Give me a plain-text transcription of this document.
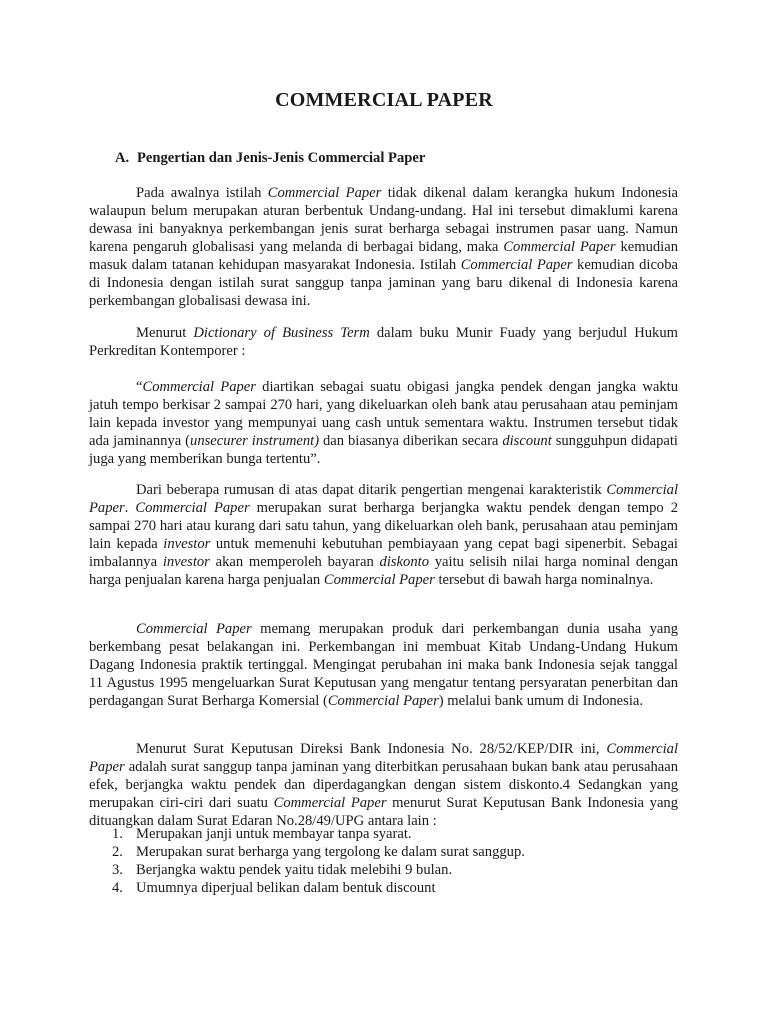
COMMERCIAL PAPER
A. Pengertian dan Jenis-Jenis Commercial Paper

Pada awalnya istilah Commercial Paper tidak dikenal dalam kerangka hukum Indonesia walaupun belum merupakan aturan berbentuk Undang-undang. Hal ini tersebut dimaklumi karena dewasa ini banyaknya perkembangan jenis surat berharga sebagai instrumen pasar uang. Namun karena pengaruh globalisasi yang melanda di berbagai bidang, maka Commercial Paper kemudian masuk dalam tatanan kehidupan masyarakat Indonesia. Istilah Commercial Paper kemudian dicoba di Indonesia dengan istilah surat sanggup tanpa jaminan yang baru dikenal di Indonesia karena perkembangan globalisasi dewasa ini.

Menurut Dictionary of Business Term dalam buku Munir Fuady yang berjudul Hukum Perkreditan Kontemporer :

“Commercial Paper diartikan sebagai suatu obigasi jangka pendek dengan jangka waktu jatuh tempo berkisar 2 sampai 270 hari, yang dikeluarkan oleh bank atau perusahaan atau peminjam lain kepada investor yang mempunyai uang cash untuk sementara waktu. Instrumen tersebut tidak ada jaminannya (unsecurer instrument) dan biasanya diberikan secara discount sungguhpun didapati juga yang memberikan bunga tertentu”.

Dari beberapa rumusan di atas dapat ditarik pengertian mengenai karakteristik Commercial Paper. Commercial Paper merupakan surat berharga berjangka waktu pendek dengan tempo 2 sampai 270 hari atau kurang dari satu tahun, yang dikeluarkan oleh bank, perusahaan atau peminjam lain kepada investor untuk memenuhi kebutuhan pembiayaan yang cepat bagi sipenerbit. Sebagai imbalannya investor akan memperoleh bayaran diskonto yaitu selisih nilai harga nominal dengan harga penjualan karena harga penjualan Commercial Paper tersebut di bawah harga nominalnya.

Commercial Paper memang merupakan produk dari perkembangan dunia usaha yang berkembang pesat belakangan ini. Perkembangan ini membuat Kitab Undang-Undang Hukum Dagang Indonesia praktik tertinggal. Mengingat perubahan ini maka bank Indonesia sejak tanggal 11 Agustus 1995 mengeluarkan Surat Keputusan yang mengatur tentang persyaratan penerbitan dan perdagangan Surat Berharga Komersial (Commercial Paper) melalui bank umum di Indonesia.

Menurut Surat Keputusan Direksi Bank Indonesia No. 28/52/KEP/DIR ini, Commercial Paper adalah surat sanggup tanpa jaminan yang diterbitkan perusahaan bukan bank atau perusahaan efek, berjangka waktu pendek dan diperdagangkan dengan sistem diskonto.4 Sedangkan yang merupakan ciri-ciri dari suatu Commercial Paper menurut Surat Keputusan Bank Indonesia yang dituangkan dalam Surat Edaran No.28/49/UPG antara lain :

1. Merupakan janji untuk membayar tanpa syarat.
2. Merupakan surat berharga yang tergolong ke dalam surat sanggup.
3. Berjangka waktu pendek yaitu tidak melebihi 9 bulan.
4. Umumnya diperjual belikan dalam bentuk discount
